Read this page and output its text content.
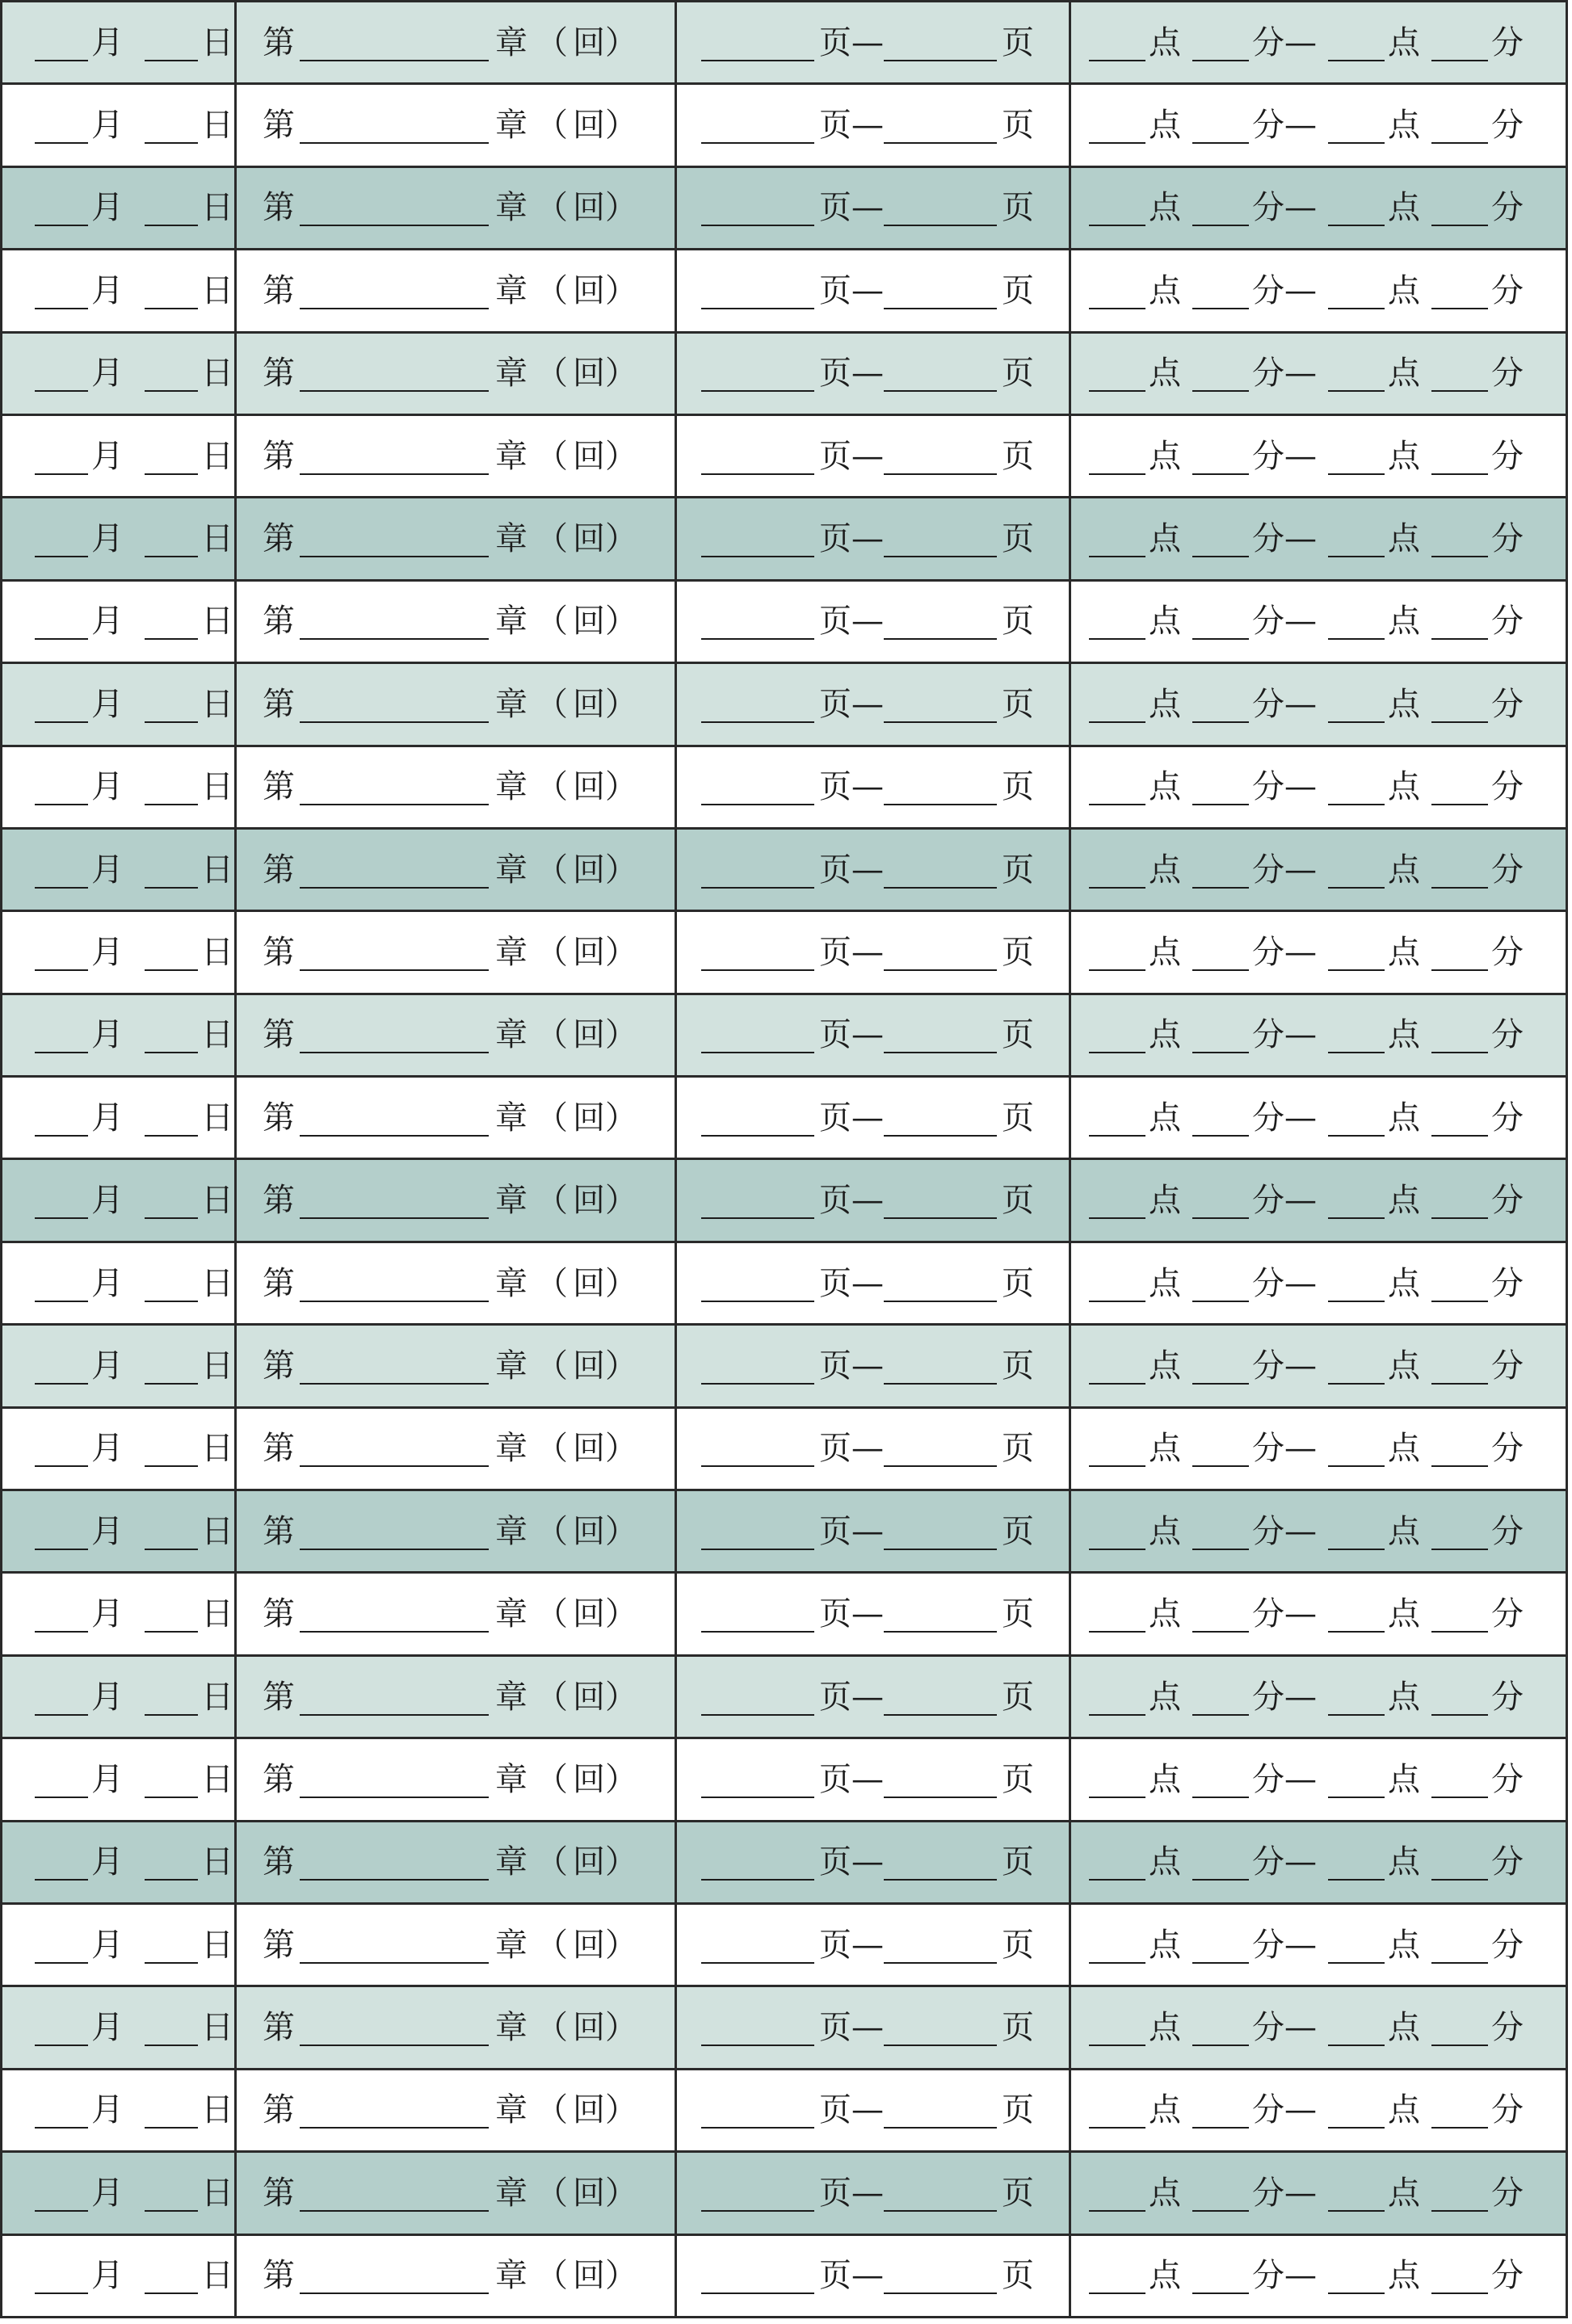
月 日	第 章 （ 回 ）	页 — 页	点 分 — 点 分

月 日	第 章 （ 回 ）	页 — 页	点 分 — 点 分

月 日	第 章 （ 回 ）	页 — 页	点 分 — 点 分

月 日	第 章 （ 回 ）	页 — 页	点 分 — 点 分

月 日	第 章 （ 回 ）	页 — 页	点 分 — 点 分

月 日	第 章 （ 回 ）	页 — 页	点 分 — 点 分

月 日	第 章 （ 回 ）	页 — 页	点 分 — 点 分

月 日	第 章 （ 回 ）	页 — 页	点 分 — 点 分

月 日	第 章 （ 回 ）	页 — 页	点 分 — 点 分

月 日	第 章 （ 回 ）	页 — 页	点 分 — 点 分

月 日	第 章 （ 回 ）	页 — 页	点 分 — 点 分

月 日	第 章 （ 回 ）	页 — 页	点 分 — 点 分

月 日	第 章 （ 回 ）	页 — 页	点 分 — 点 分

月 日	第 章 （ 回 ）	页 — 页	点 分 — 点 分

月 日	第 章 （ 回 ）	页 — 页	点 分 — 点 分

月 日	第 章 （ 回 ）	页 — 页	点 分 — 点 分

月 日	第 章 （ 回 ）	页 — 页	点 分 — 点 分

月 日	第 章 （ 回 ）	页 — 页	点 分 — 点 分

月 日	第 章 （ 回 ）	页 — 页	点 分 — 点 分

月 日	第 章 （ 回 ）	页 — 页	点 分 — 点 分

月 日	第 章 （ 回 ）	页 — 页	点 分 — 点 分

月 日	第 章 （ 回 ）	页 — 页	点 分 — 点 分

月 日	第 章 （ 回 ）	页 — 页	点 分 — 点 分

月 日	第 章 （ 回 ）	页 — 页	点 分 — 点 分

月 日	第 章 （ 回 ）	页 — 页	点 分 — 点 分

月 日	第 章 （ 回 ）	页 — 页	点 分 — 点 分

月 日	第 章 （ 回 ）	页 — 页	点 分 — 点 分

月 日	第 章 （ 回 ）	页 — 页	点 分 — 点 分
